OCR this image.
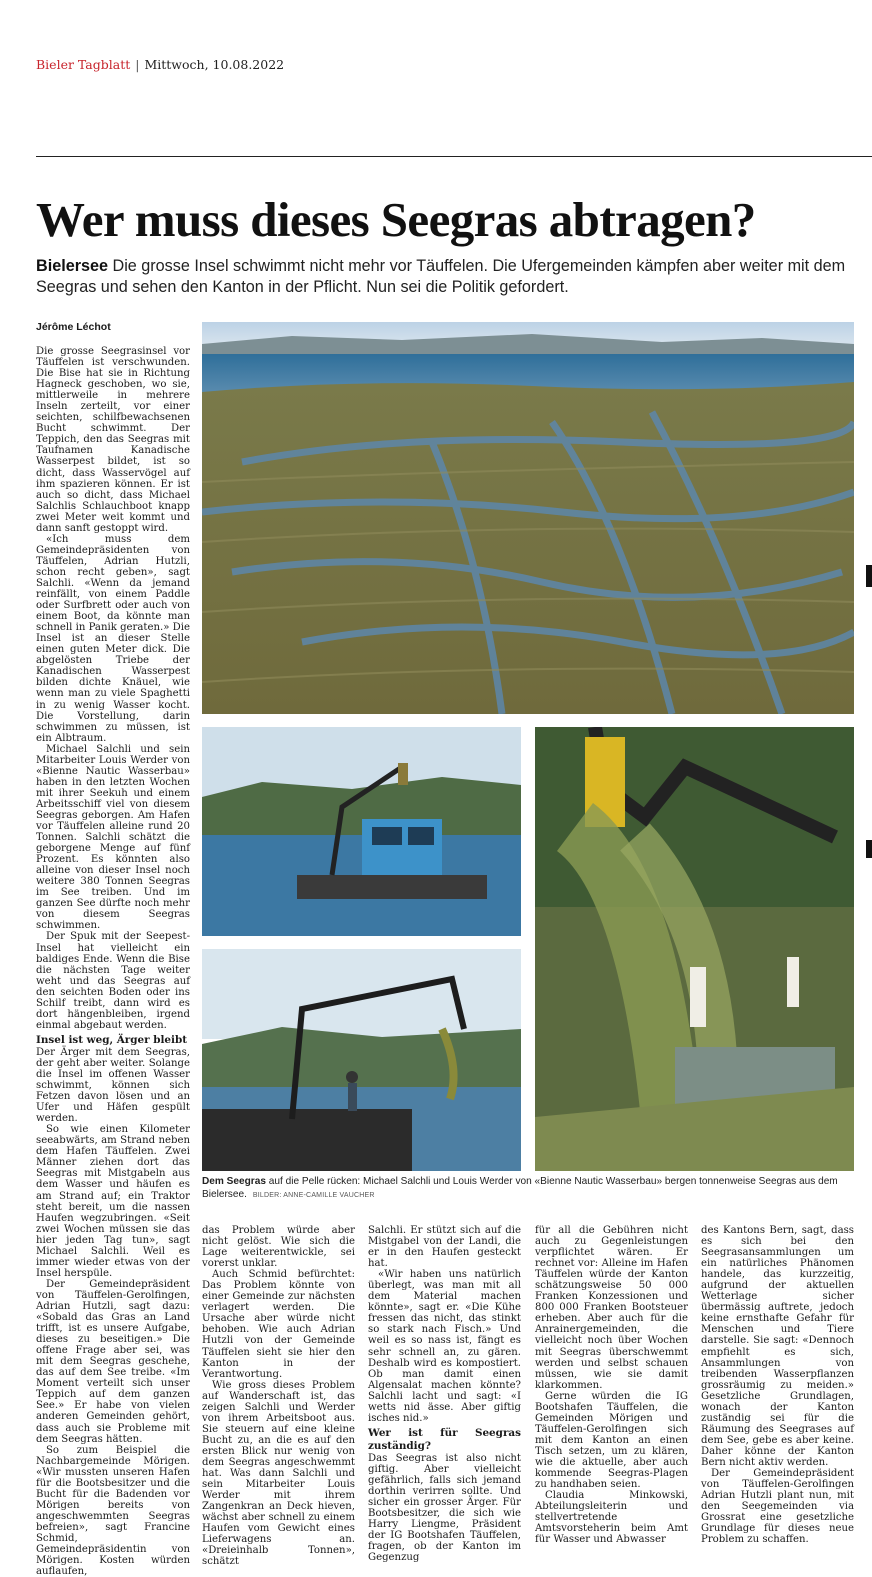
Bieler Tagblatt | Mittwoch, 10.08.2022
Wer muss dieses Seegras abtragen?
Bielersee Die grosse Insel schwimmt nicht mehr vor Täuffelen. Die Ufergemeinden kämpfen aber weiter mit dem Seegras und sehen den Kanton in der Pflicht. Nun sei die Politik gefordert.
Jérôme Léchot

Die grosse Seegrasinsel vor Täuffelen ist verschwunden. Die Bise hat sie in Richtung Hagneck geschoben, wo sie, mittlerweile in mehrere Inseln zerteilt, vor einer seichten, schilfbewachsenen Bucht schwimmt. Der Teppich, den das Seegras mit Taufnamen Kanadische Wasserpest bildet, ist so dicht, dass Wasservögel auf ihm spazieren können. Er ist auch so dicht, dass Michael Salchlis Schlauchboot knapp zwei Meter weit kommt und dann sanft gestoppt wird.

«Ich muss dem Gemeindepräsidenten von Täuffelen, Adrian Hutzli, schon recht geben», sagt Salchli. «Wenn da jemand reinfällt, von einem Paddle oder Surfbrett oder auch von einem Boot, da könnte man schnell in Panik geraten.» Die Insel ist an dieser Stelle einen guten Meter dick. Die abgelösten Triebe der Kanadischen Wasserpest bilden dichte Knäuel, wie wenn man zu viele Spaghetti in zu wenig Wasser kocht. Die Vorstellung, darin schwimmen zu müssen, ist ein Albtraum.

Michael Salchli und sein Mitarbeiter Louis Werder von «Bienne Nautic Wasserbau» haben in den letzten Wochen mit ihrer Seekuh und einem Arbeitsschiff viel von diesem Seegras geborgen. Am Hafen vor Täuffelen alleine rund 20 Tonnen. Salchli schätzt die geborgene Menge auf fünf Prozent. Es könnten also alleine von dieser Insel noch weitere 380 Tonnen Seegras im See treiben. Und im ganzen See dürfte noch mehr von diesem Seegras schwimmen.

Der Spuk mit der Seepest-Insel hat vielleicht ein baldiges Ende. Wenn die Bise die nächsten Tage weiter weht und das Seegras auf den seichten Boden oder ins Schilf treibt, dann wird es dort hängenbleiben, irgend einmal abgebaut werden.

Insel ist weg, Ärger bleibt

Der Ärger mit dem Seegras, der geht aber weiter. Solange die Insel im offenen Wasser schwimmt, können sich Fetzen davon lösen und an Ufer und Häfen gespült werden.

So wie einen Kilometer seeabwärts, am Strand neben dem Hafen Täuffelen. Zwei Männer ziehen dort das Seegras mit Mistgabeln aus dem Wasser und häufen es am Strand auf; ein Traktor steht bereit, um die nassen Haufen wegzubringen. «Seit zwei Wochen müssen sie das hier jeden Tag tun», sagt Michael Salchli. Weil es immer wieder etwas von der Insel herspüle.

Der Gemeindepräsident von Täuffelen-Gerolfingen, Adrian Hutzli, sagt dazu: «Sobald das Gras an Land trifft, ist es unsere Aufgabe, dieses zu beseitigen.» Die offene Frage aber sei, was mit dem Seegras geschehe, das auf dem See treibe. «Im Moment verteilt sich unser Teppich auf dem ganzen See.» Er habe von vielen anderen Gemeinden gehört, dass auch sie Probleme mit dem Seegras hätten.

So zum Beispiel die Nachbargemeinde Mörigen. «Wir mussten unseren Hafen für die Bootsbesitzer und die Bucht für die Badenden vor Mörigen bereits von angeschwemmten Seegras befreien», sagt Francine Schmid, Gemeindepräsidentin von Mörigen. Kosten würden auflaufen,

Dem Seegras auf die Pelle rücken: Michael Salchli und Louis Werder von «Bienne Nautic Wasserbau» bergen tonnenweise Seegras aus dem Bielersee. BILDER: ANNE-CAMILLE VAUCHER

das Problem würde aber nicht gelöst. Wie sich die Lage weiterentwickle, sei vorerst unklar.

Auch Schmid befürchtet: Das Problem könnte von einer Gemeinde zur nächsten verlagert werden. Die Ursache aber würde nicht behoben. Wie auch Adrian Hutzli von der Gemeinde Täuffelen sieht sie hier den Kanton in der Verantwortung.

Wie gross dieses Problem auf Wanderschaft ist, das zeigen Salchli und Werder von ihrem Arbeitsboot aus. Sie steuern auf eine kleine Bucht zu, an die es auf den ersten Blick nur wenig von dem Seegras angeschwemmt hat. Was dann Salchli und sein Mitarbeiter Louis Werder mit ihrem Zangenkran an Deck hieven, wächst aber schnell zu einem Haufen vom Gewicht eines Lieferwagens an. «Dreieinhalb Tonnen», schätzt

Salchli. Er stützt sich auf die Mistgabel von der Landi, die er in den Haufen gesteckt hat.

«Wir haben uns natürlich überlegt, was man mit all dem Material machen könnte», sagt er. «Die Kühe fressen das nicht, das stinkt so stark nach Fisch.» Und weil es so nass ist, fängt es sehr schnell an, zu gären. Deshalb wird es kompostiert. Ob man damit einen Algensalat machen könnte? Salchli lacht und sagt: «I wetts nid ässe. Aber giftig isches nid.»

Wer ist für Seegras zuständig?

Das Seegras ist also nicht giftig. Aber vielleicht gefährlich, falls sich jemand dorthin verirren sollte. Und sicher ein grosser Ärger. Für Bootsbesitzer, die sich wie Harry Liengme, Präsident der IG Bootshafen Täuffelen, fragen, ob der Kanton im Gegenzug

für all die Gebühren nicht auch zu Gegenleistungen verpflichtet wären. Er rechnet vor: Alleine im Hafen Täuffelen würde der Kanton schätzungsweise 50 000 Franken Konzessionen und 800 000 Franken Bootsteuer erheben. Aber auch für die Anrainergemeinden, die vielleicht noch über Wochen mit Seegras überschwemmt werden und selbst schauen müssen, wie sie damit klarkommen.

Gerne würden die IG Bootshafen Täuffelen, die Gemeinden Mörigen und Täuffelen-Gerolfingen sich mit dem Kanton an einen Tisch setzen, um zu klären, wie die aktuelle, aber auch kommende Seegras-Plagen zu handhaben seien.

Claudia Minkowski, Abteilungsleiterin und stellvertretende Amtsvorsteherin beim Amt für Wasser und Abwasser

des Kantons Bern, sagt, dass es sich bei den Seegrasansammlungen um ein natürliches Phänomen handele, das kurzzeitig, aufgrund der aktuellen Wetterlage sicher übermässig auftrete, jedoch keine ernsthafte Gefahr für Menschen und Tiere darstelle. Sie sagt: «Dennoch empfiehlt es sich, Ansammlungen von treibenden Wasserpflanzen grossräumig zu meiden.» Gesetzliche Grundlagen, wonach der Kanton zuständig sei für die Räumung des Seegrases auf dem See, gebe es aber keine. Daher könne der Kanton Bern nicht aktiv werden.

Der Gemeindepräsident von Täuffelen-Gerolfingen Adrian Hutzli plant nun, mit den Seegemeinden via Grossrat eine gesetzliche Grundlage für dieses neue Problem zu schaffen.
